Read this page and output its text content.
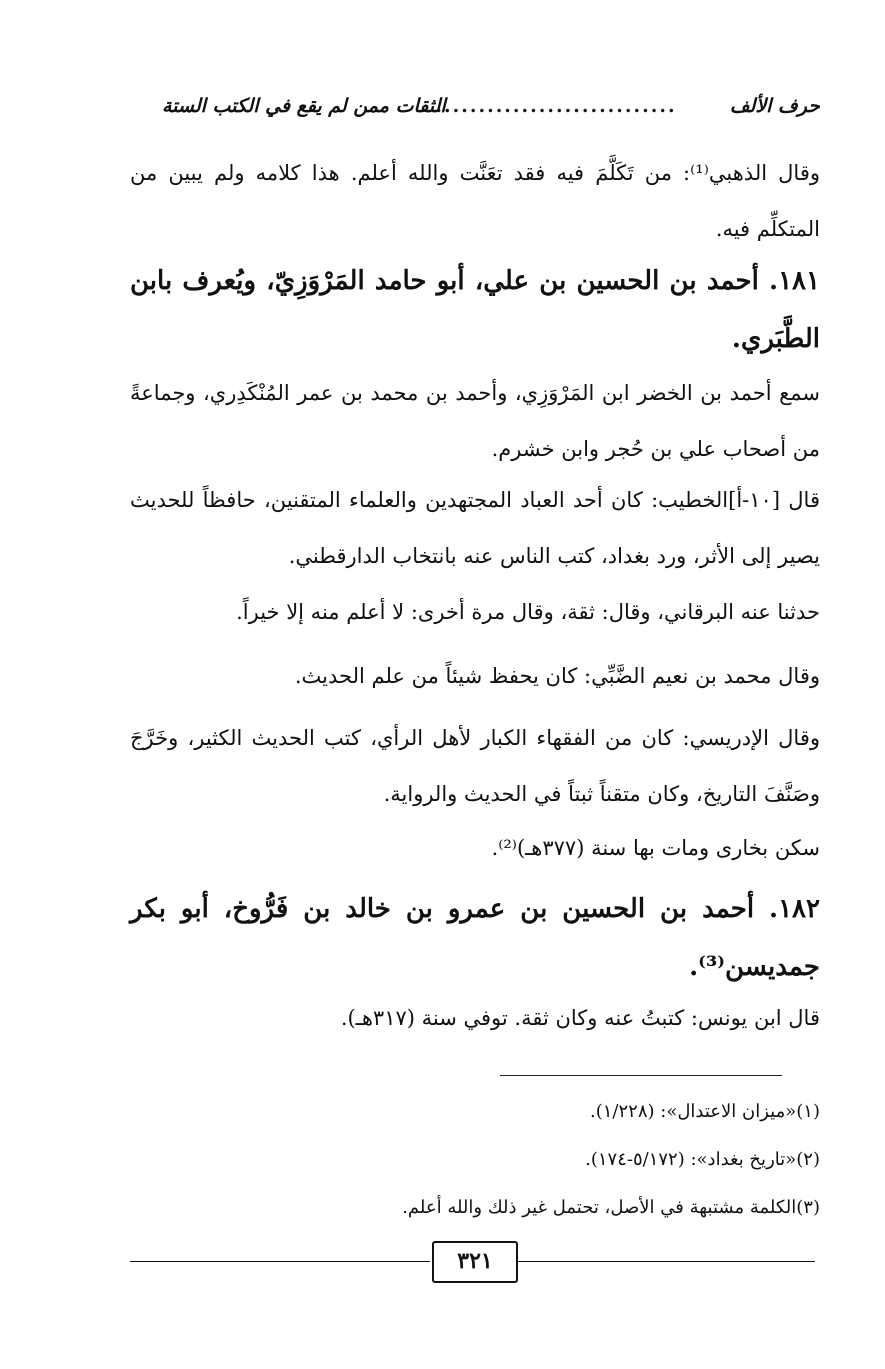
حرف الألف
............................
الثقات ممن لم يقع في الكتب الستة
وقال الذهبي⁽¹⁾: من تَكَلَّمَ فيه فقد تعَنَّت والله أعلم. هذا كلامه ولم يبين من المتكلِّم فيه.
١٨١. أحمد بن الحسين بن علي، أبو حامد المَرْوَزِيّ، ويُعرف بابن الطَّبَري.
سمع أحمد بن الخضر ابن المَرْوَزِي، وأحمد بن محمد بن عمر المُنْكَدِري، وجماعةً من أصحاب علي بن حُجر وابن خشرم.
قال [١٠-أ]الخطيب: كان أحد العباد المجتهدين والعلماء المتقنين، حافظاً للحديث يصير إلى الأثر، ورد بغداد، كتب الناس عنه بانتخاب الدارقطني.
حدثنا عنه البرقاني، وقال: ثقة، وقال مرة أخرى: لا أعلم منه إلا خيراً.
وقال محمد بن نعيم الضَّبِّي: كان يحفظ شيئاً من علم الحديث.
وقال الإدريسي: كان من الفقهاء الكبار لأهل الرأي، كتب الحديث الكثير، وخَرَّجَ وصَنَّفَ التاريخ، وكان متقناً ثبتاً في الحديث والرواية.
سكن بخارى ومات بها سنة (٣٧٧هـ)⁽²⁾.
١٨٢. أحمد بن الحسين بن عمرو بن خالد بن فَرُّوخ، أبو بكر جمديسن⁽³⁾.
قال ابن يونس: كتبتُ عنه وكان ثقة. توفي سنة (٣١٧هـ).
(١)«ميزان الاعتدال»: (١/٢٢٨).
(٢)«تاريخ بغداد»: (٥/١٧٢-١٧٤).
(٣)الكلمة مشتبهة في الأصل، تحتمل غير ذلك والله أعلم.
٣٢١
